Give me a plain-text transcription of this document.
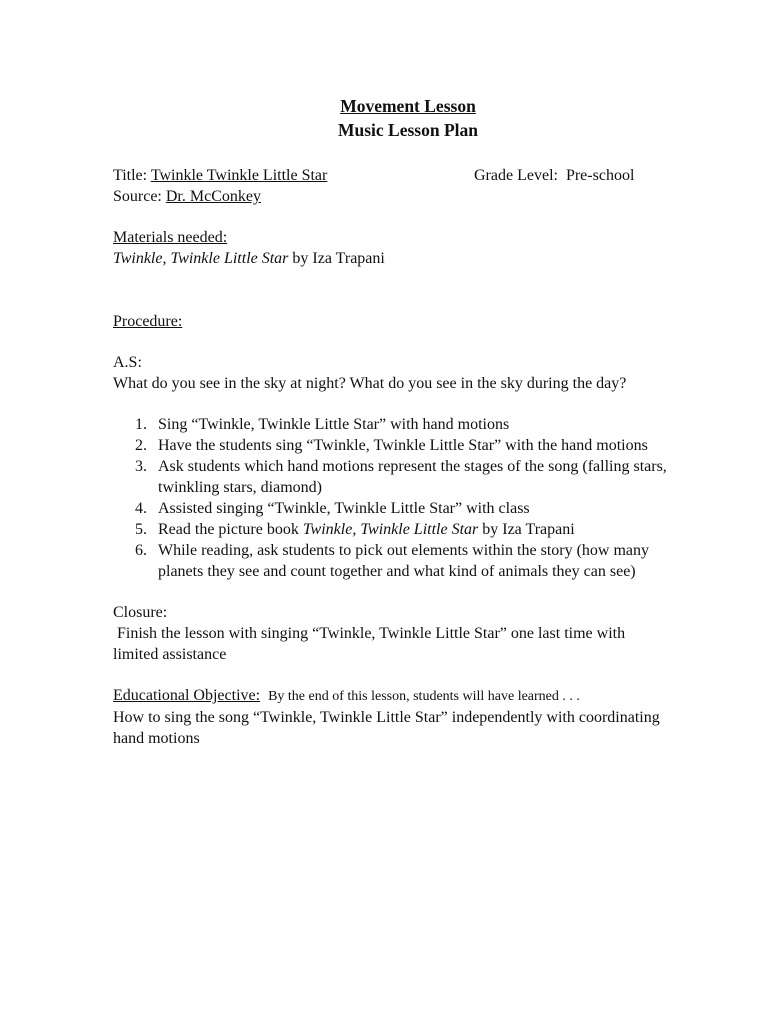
Movement Lesson
Music Lesson Plan
Title: Twinkle Twinkle Little Star	Grade Level: Pre-school
Source: Dr. McConkey
Materials needed:
Twinkle, Twinkle Little Star by Iza Trapani
Procedure:
A.S:
What do you see in the sky at night? What do you see in the sky during the day?
1. Sing “Twinkle, Twinkle Little Star” with hand motions
2. Have the students sing “Twinkle, Twinkle Little Star” with the hand motions
3. Ask students which hand motions represent the stages of the song (falling stars, twinkling stars, diamond)
4. Assisted singing “Twinkle, Twinkle Little Star” with class
5. Read the picture book Twinkle, Twinkle Little Star by Iza Trapani
6. While reading, ask students to pick out elements within the story (how many planets they see and count together and what kind of animals they can see)
Closure:
Finish the lesson with singing “Twinkle, Twinkle Little Star” one last time with limited assistance
Educational Objective: By the end of this lesson, students will have learned . . .
How to sing the song “Twinkle, Twinkle Little Star” independently with coordinating hand motions
